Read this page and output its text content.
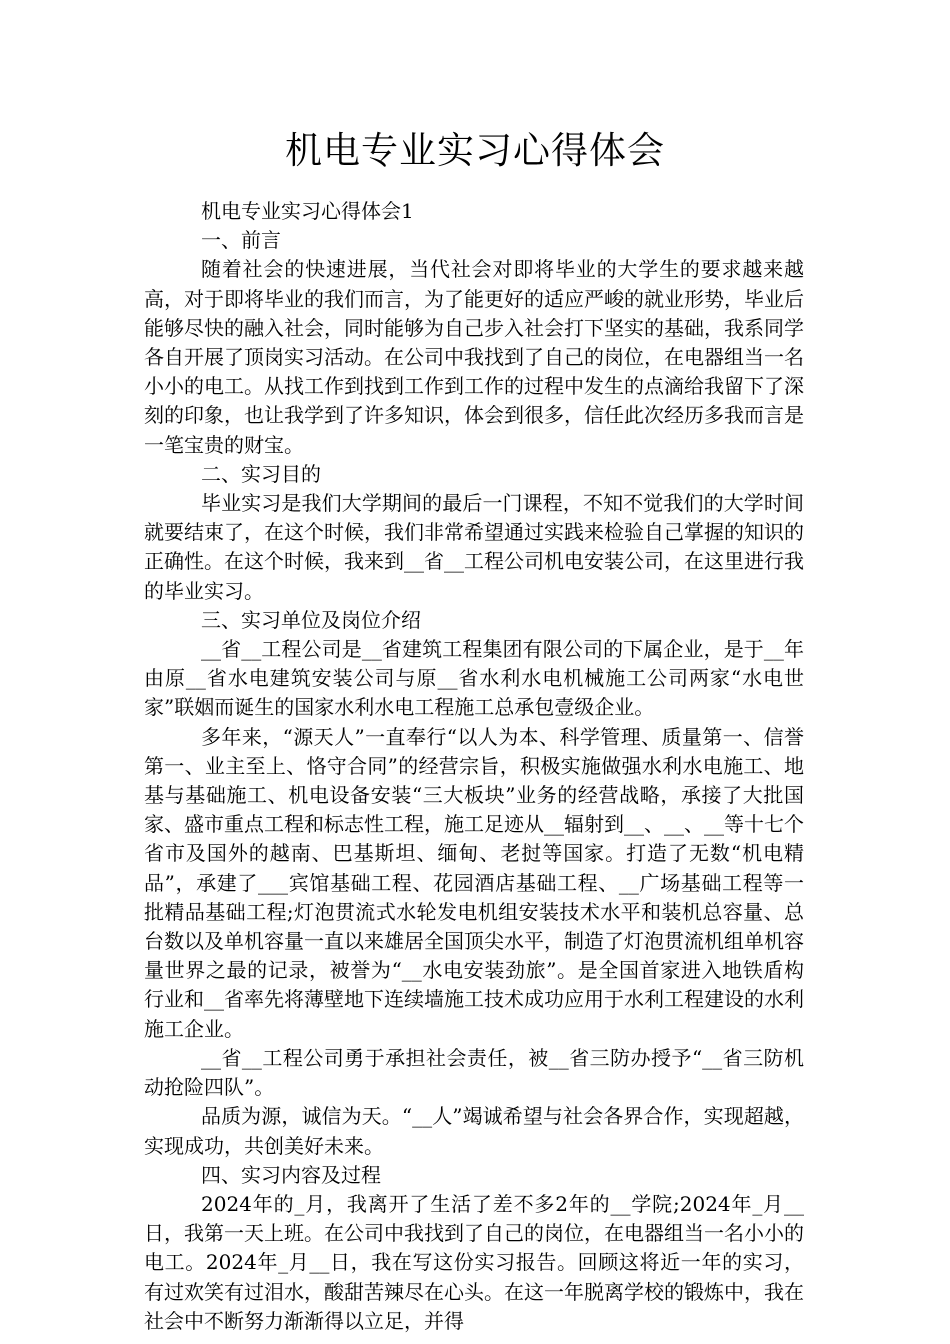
机电专业实习心得体会

机电专业实习心得体会1

一、前言

随着社会的快速进展，当代社会对即将毕业的大学生的要求越来越高，对于即将毕业的我们而言，为了能更好的适应严峻的就业形势，毕业后能够尽快的融入社会，同时能够为自己步入社会打下坚实的基础，我系同学各自开展了顶岗实习活动。在公司中我找到了自己的岗位，在电器组当一名小小的电工。从找工作到找到工作到工作的过程中发生的点滴给我留下了深刻的印象，也让我学到了许多知识，体会到很多，信任此次经历多我而言是一笔宝贵的财宝。

二、实习目的

毕业实习是我们大学期间的最后一门课程，不知不觉我们的大学时间就要结束了，在这个时候，我们非常希望通过实践来检验自己掌握的知识的正确性。在这个时候，我来到__省__工程公司机电安装公司，在这里进行我的毕业实习。

三、实习单位及岗位介绍

__省__工程公司是__省建筑工程集团有限公司的下属企业，是于__年由原__省水电建筑安装公司与原__省水利水电机械施工公司两家“水电世家”联姻而诞生的国家水利水电工程施工总承包壹级企业。

多年来，“源天人”一直奉行“以人为本、科学管理、质量第一、信誉第一、业主至上、恪守合同”的经营宗旨，积极实施做强水利水电施工、地基与基础施工、机电设备安装“三大板块”业务的经营战略，承接了大批国家、盛市重点工程和标志性工程，施工足迹从__辐射到__、__、__等十七个省市及国外的越南、巴基斯坦、缅甸、老挝等国家。打造了无数“机电精品”，承建了___宾馆基础工程、花园酒店基础工程、__广场基础工程等一批精品基础工程;灯泡贯流式水轮发电机组安装技术水平和装机总容量、总台数以及单机容量一直以来雄居全国顶尖水平，制造了灯泡贯流机组单机容量世界之最的记录，被誉为“__水电安装劲旅”。是全国首家进入地铁盾构行业和__省率先将薄壁地下连续墙施工技术成功应用于水利工程建设的水利施工企业。

__省__工程公司勇于承担社会责任，被__省三防办授予“__省三防机动抢险四队”。

品质为源，诚信为天。“__人”竭诚希望与社会各界合作，实现超越，实现成功，共创美好未来。

四、实习内容及过程

2024年的_月，我离开了生活了差不多2年的__学院;2024年_月__日，我第一天上班。在公司中我找到了自己的岗位，在电器组当一名小小的电工。2024年_月__日，我在写这份实习报告。回顾这将近一年的实习，有过欢笑有过泪水，酸甜苦辣尽在心头。在这一年脱离学校的锻炼中，我在社会中不断努力渐渐得以立足，并得
